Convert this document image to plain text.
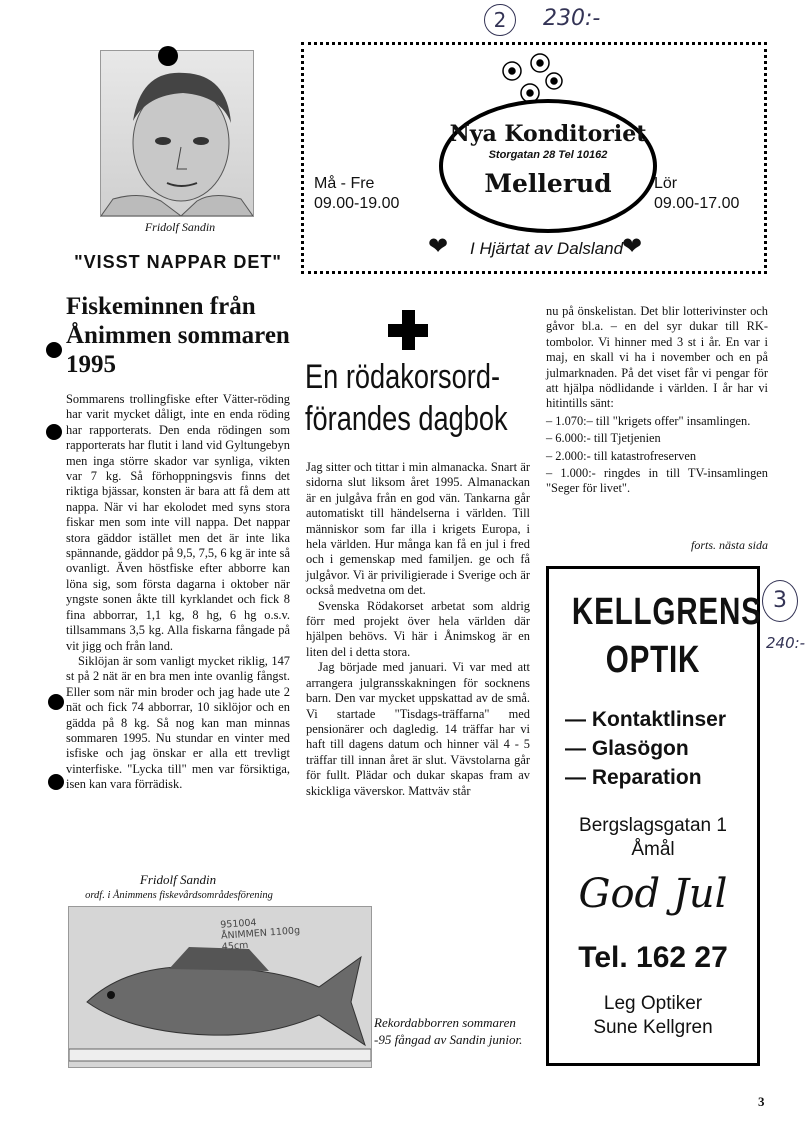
2	230:-
Fridolf Sandin
"VISST NAPPAR DET"
Fiskeminnen från Ånimmen sommaren 1995

Sommarens trollingfiske efter Vätter-röding har varit mycket dåligt, inte en enda röding har rapporterats. Den enda rödingen som rapporterats har flutit i land vid Gyltungebyn men inga större skador var synliga, vikten var 7 kg. Så förhoppningsvis finns det riktiga bjässar, konsten är bara att få dem att nappa. När vi har ekolodet med syns stora fiskar men som inte vill nappa. Det nappar stora gäddor istället men det är inte lika spännande, gäddor på 9,5, 7,5, 6 kg är inte så ovanligt. Även höstfiske efter abborre kan löna sig, som första dagarna i oktober när yngste sonen åkte till kyrklandet och fick 8 fina abborrar, 1,1 kg, 8 hg, 6 hg o.s.v. tillsammans 3,5 kg. Alla fiskarna fångade på vit jigg och från land.

Siklöjan är som vanligt mycket riklig, 147 st på 2 nät är en bra men inte ovanlig fångst. Eller som när min broder och jag hade ute 2 nät och fick 74 abborrar, 10 siklöjor och en gädda på 8 kg. Så nog kan man minnas sommaren 1995. Nu stundar en vinter med isfiske och jag önskar er alla ett trevligt vinterfiske. "Lycka till" men var försiktiga, isen kan vara förrädisk.

Fridolf Sandin
ordf. i Ånimmens fiskevårdsområdesförening
951004 ÅNIMMEN 1100g 45cm
Rekordabborren sommaren -95 fångad av Sandin junior.
Nya Konditoriet
Storgatan 28 Tel 10162
Mellerud
Må - Fre
09.00-19.00
Lör
09.00-17.00
❤ I Hjärtat av Dalsland
❤
En rödakorsord-förandes dagbok

Jag sitter och tittar i min almanacka. Snart är sidorna slut liksom året 1995. Almanackan är en julgåva från en god vän. Tankarna går automatiskt till händelserna i världen. Till människor som far illa i krigets Europa, i hela världen. Hur många kan få en jul i fred och i gemenskap med familjen. ge och få julgåvor. Vi är priviligierade i Sverige och är också medvetna om det.

Svenska Rödakorset arbetat som aldrig förr med projekt över hela världen där hjälpen behövs. Vi här i Ånimskog är en liten del i detta stora.

Jag började med januari. Vi var med att arrangera julgransskakningen för socknens barn. Den var mycket uppskattad av de små. Vi startade "Tisdags-träffarna" med pensionärer och dagledig. 14 träffar har vi haft till dagens datum och hinner väl 4 - 5 träffar till innan året är slut. Vävstolarna går för fullt. Plädar och dukar skapas fram av skickliga väverskor. Mattväv står

nu på önskelistan. Det blir lotterivinster och gåvor bl.a. – en del syr dukar till RK-tombolor. Vi hinner med 3 st i år. En var i maj, en skall vi ha i november och en på julmarknaden. På det viset får vi pengar för att hjälpa nödlidande i världen. I år har vi hitintills sänt:

– 1.070:– till "krigets offer" insamlingen.
– 6.000:- till Tjetjenien
– 2.000:- till katastrofreserven
– 1.000:- ringdes in till TV-insamlingen "Seger för livet".
forts. nästa sida
3
240:-
KELLGRENS
OPTIK
— Kontaktlinser
— Glasögon
— Reparation
Bergslagsgatan 1
Åmål
God Jul
Tel. 162 27
Leg Optiker
Sune Kellgren
3
